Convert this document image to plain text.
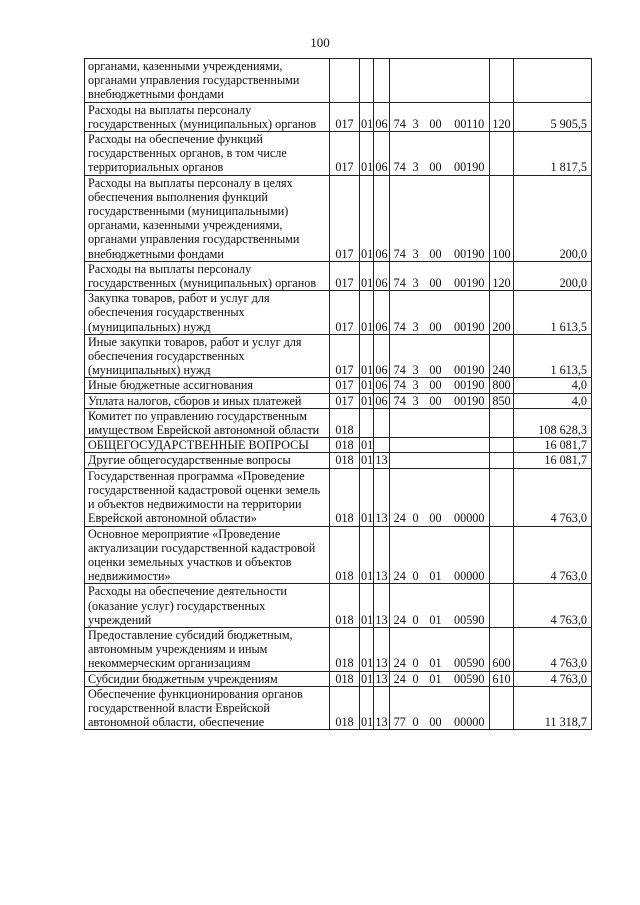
100
органами, казенными учреждениями, органами управления государственными внебюджетными фондами									
Расходы на выплаты персоналу государственных (муниципальных) органов	017	01	06	74	3	00	00110	120	5 905,5
Расходы на обеспечение функций государственных органов, в том числе территориальных органов	017	01	06	74	3	00	00190		1 817,5
Расходы на выплаты персоналу в целях обеспечения выполнения функций государственными (муниципальными) органами, казенными учреждениями, органами управления государственными внебюджетными фондами	017	01	06	74	3	00	00190	100	200,0
Расходы на выплаты персоналу государственных (муниципальных) органов	017	01	06	74	3	00	00190	120	200,0
Закупка товаров, работ и услуг для обеспечения государственных (муниципальных) нужд	017	01	06	74	3	00	00190	200	1 613,5
Иные закупки товаров, работ и услуг для обеспечения государственных (муниципальных) нужд	017	01	06	74	3	00	00190	240	1 613,5
Иные бюджетные ассигнования	017	01	06	74	3	00	00190	800	4,0
Уплата налогов, сборов и иных платежей	017	01	06	74	3	00	00190	850	4,0
Комитет по управлению государственным имуществом Еврейской автономной области	018								108 628,3
ОБЩЕГОСУДАРСТВЕННЫЕ ВОПРОСЫ	018	01							16 081,7
Другие общегосударственные вопросы	018	01	13						16 081,7
Государственная программа «Проведение государственной кадастровой оценки земель и объектов недвижимости на территории Еврейской автономной области»	018	01	13	24	0	00	00000		4 763,0
Основное мероприятие «Проведение актуализации государственной кадастровой оценки земельных участков и объектов недвижимости»	018	01	13	24	0	01	00000		4 763,0
Расходы на обеспечение деятельности (оказание услуг) государственных учреждений	018	01	13	24	0	01	00590		4 763,0
Предоставление субсидий бюджетным, автономным учреждениям и иным некоммерческим организациям	018	01	13	24	0	01	00590	600	4 763,0
Субсидии бюджетным учреждениям	018	01	13	24	0	01	00590	610	4 763,0
Обеспечение функционирования органов государственной власти Еврейской автономной области, обеспечение	018	01	13	77	0	00	00000		11 318,7
